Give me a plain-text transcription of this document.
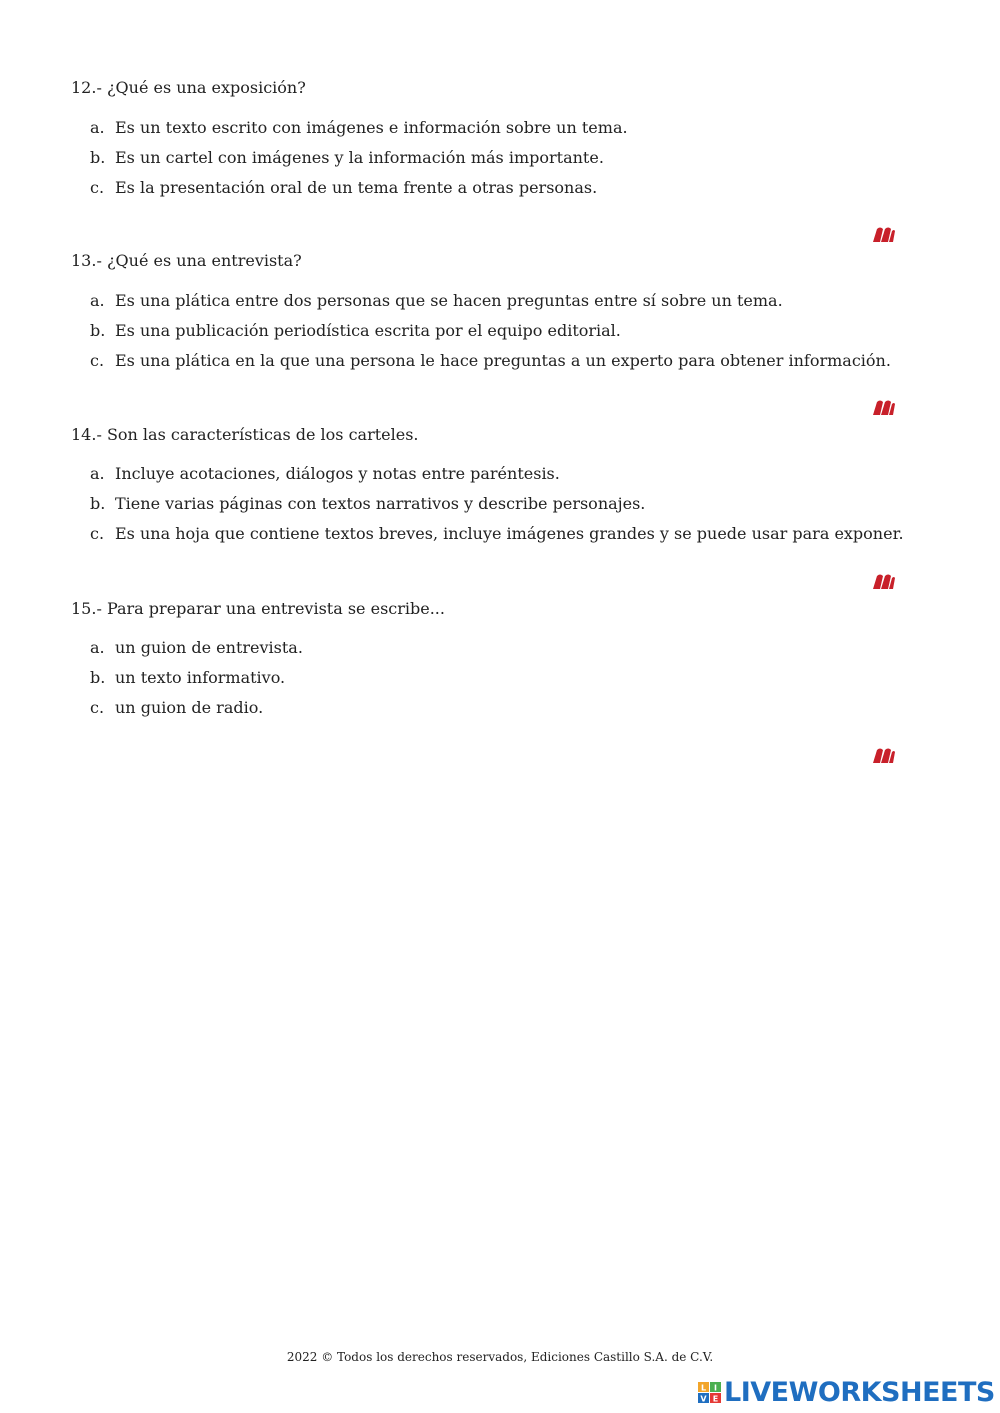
12.- ¿Qué es una exposición?

a. Es un texto escrito con imágenes e información sobre un tema.
b. Es un cartel con imágenes y la información más importante.
c. Es la presentación oral de un tema frente a otras personas.

13.- ¿Qué es una entrevista?

a. Es una plática entre dos personas que se hacen preguntas entre sí sobre un tema.
b. Es una publicación periodística escrita por el equipo editorial.
c. Es una plática en la que una persona le hace preguntas a un experto para obtener información.

14.- Son las características de los carteles.

a. Incluye acotaciones, diálogos y notas entre paréntesis.
b. Tiene varias páginas con textos narrativos y describe personajes.
c. Es una hoja que contiene textos breves, incluye imágenes grandes y se puede usar para exponer.

15.- Para preparar una entrevista se escribe...

a. un guion de entrevista.
b. un texto informativo.
c. un guion de radio.
2022 © Todos los derechos reservados, Ediciones Castillo S.A. de C.V.
L I
V E LIVEWORKSHEETS
